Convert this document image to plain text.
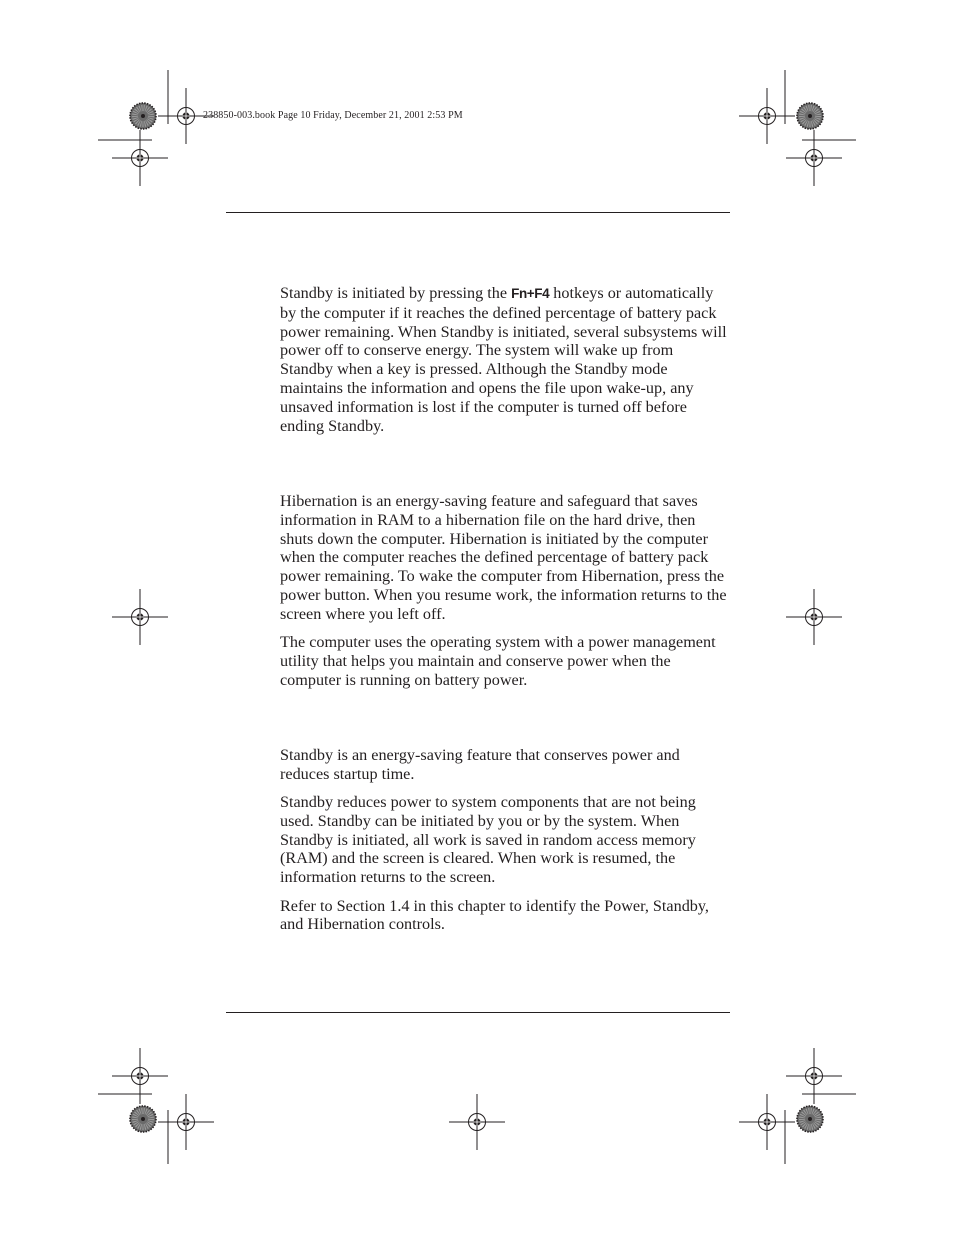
238850-003.book Page 10 Friday, December 21, 2001 2:53 PM

Standby is initiated by pressing the Fn+F4 hotkeys or automatically by the computer if it reaches the defined percentage of battery pack power remaining. When Standby is initiated, several subsystems will power off to conserve energy. The system will wake up from Standby when a key is pressed. Although the Standby mode maintains the information and opens the file upon wake-up, any unsaved information is lost if the computer is turned off before ending Standby.

Hibernation is an energy-saving feature and safeguard that saves information in RAM to a hibernation file on the hard drive, then shuts down the computer. Hibernation is initiated by the computer when the computer reaches the defined percentage of battery pack power remaining. To wake the computer from Hibernation, press the power button. When you resume work, the information returns to the screen where you left off.

The computer uses the operating system with a power management utility that helps you maintain and conserve power when the computer is running on battery power.

Standby is an energy-saving feature that conserves power and reduces startup time.

Standby reduces power to system components that are not being used. Standby can be initiated by you or by the system. When Standby is initiated, all work is saved in random access memory (RAM) and the screen is cleared. When work is resumed, the information returns to the screen.

Refer to Section 1.4 in this chapter to identify the Power, Standby, and Hibernation controls.
